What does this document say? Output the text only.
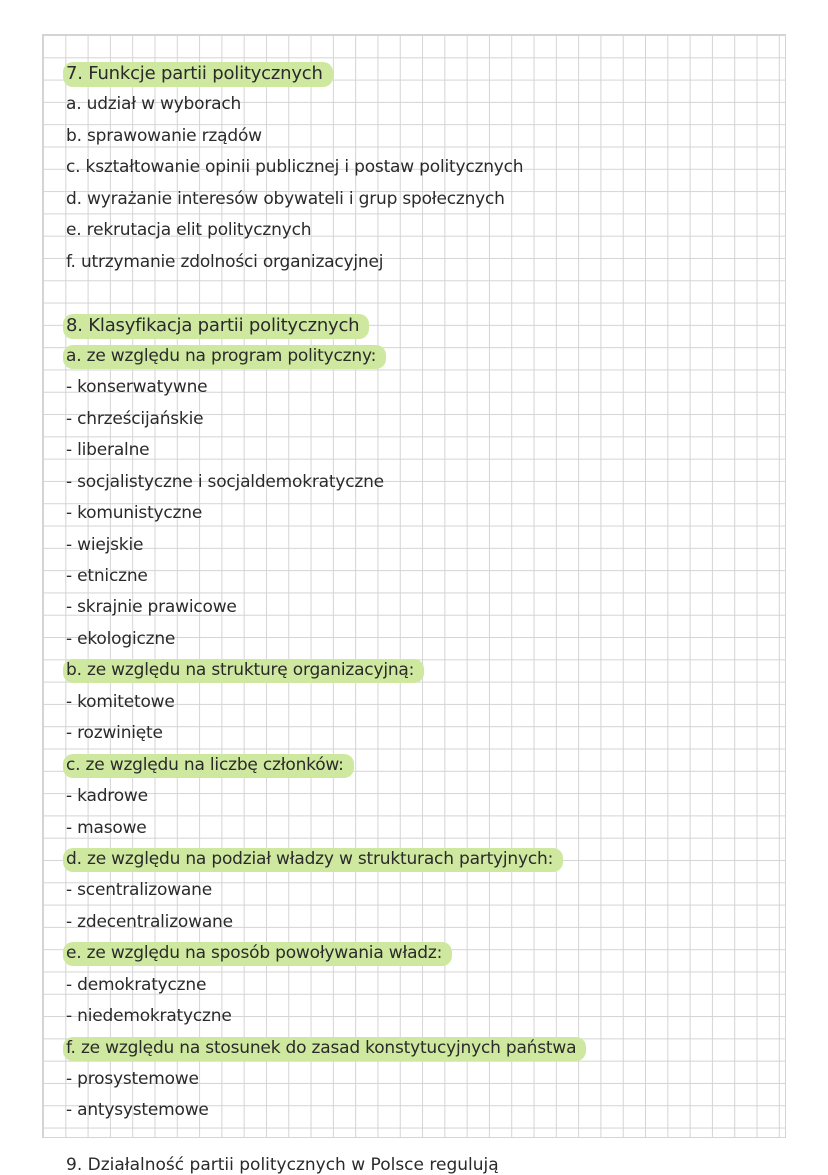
7. Funkcje partii politycznych
a. udział w wyborach
b. sprawowanie rządów
c. kształtowanie opinii publicznej i postaw politycznych
d. wyrażanie interesów obywateli i grup społecznych
e. rekrutacja elit politycznych
f. utrzymanie zdolności organizacyjnej
8. Klasyfikacja partii politycznych
a. ze względu na program polityczny:
- konserwatywne
- chrześcijańskie
- liberalne
- socjalistyczne i socjaldemokratyczne
- komunistyczne
- wiejskie
- etniczne
- skrajnie prawicowe
- ekologiczne
b. ze względu na strukturę organizacyjną:
- komitetowe
- rozwinięte
c. ze względu na liczbę członków:
- kadrowe
- masowe
d. ze względu na podział władzy w strukturach partyjnych:
- scentralizowane
- zdecentralizowane
e. ze względu na sposób powoływania władz:
- demokratyczne
- niedemokratyczne
f. ze względu na stosunek do zasad konstytucyjnych państwa
- prosystemowe
- antysystemowe
9. Działalność partii politycznych w Polsce regulują
